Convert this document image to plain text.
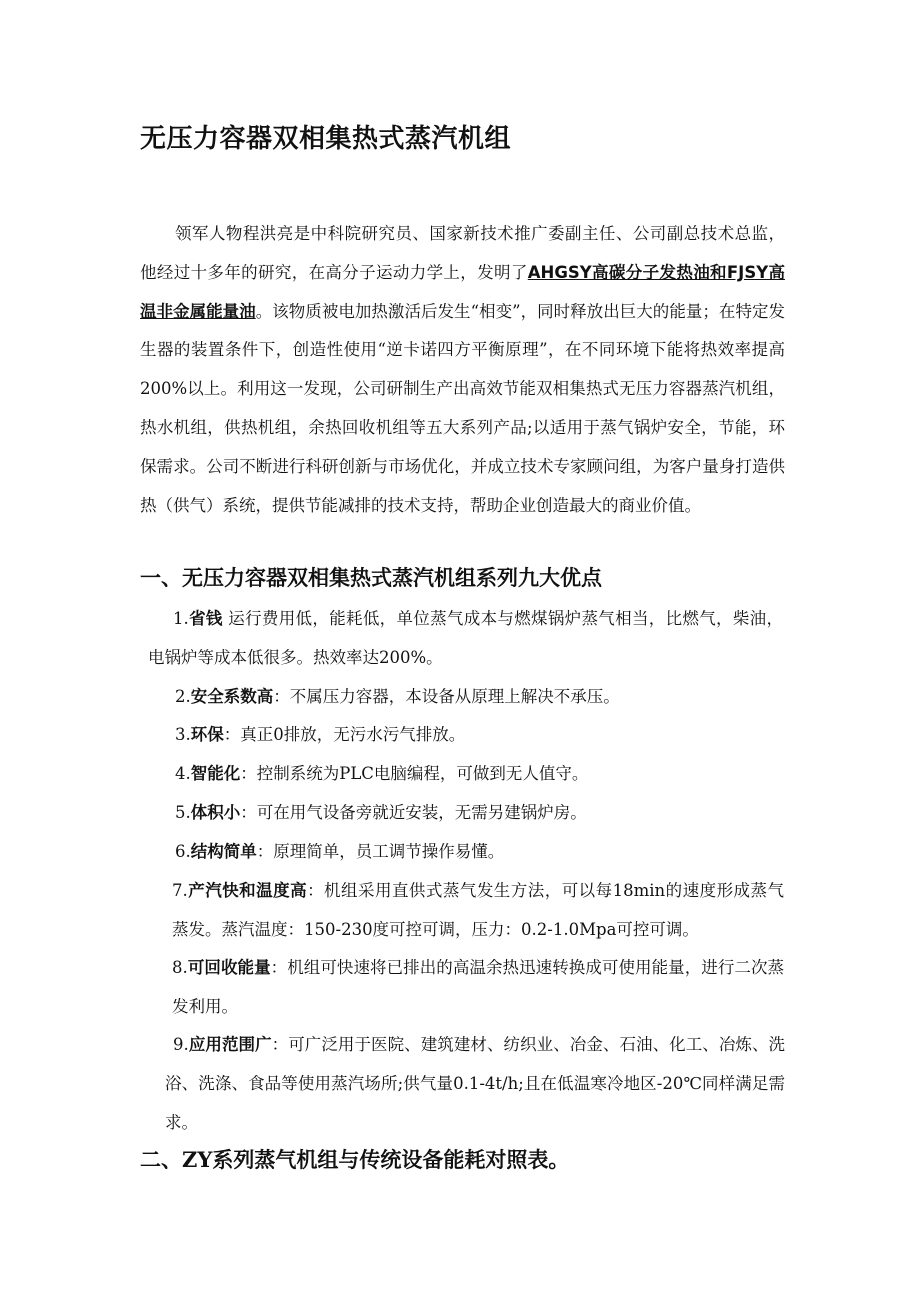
无压力容器双相集热式蒸汽机组

领军人物程洪亮是中科院研究员、国家新技术推广委副主任、公司副总技术总监，他经过十多年的研究，在高分子运动力学上，发明了AHGSY高碳分子发热油和FJSY高温非金属能量油。该物质被电加热激活后发生“相变”，同时释放出巨大的能量；在特定发生器的装置条件下，创造性使用“逆卡诺四方平衡原理”，在不同环境下能将热效率提高200%以上。利用这一发现，公司研制生产出高效节能双相集热式无压力容器蒸汽机组，热水机组，供热机组，余热回收机组等五大系列产品;以适用于蒸气锅炉安全，节能，环保需求。公司不断进行科研创新与市场优化，并成立技术专家顾问组，为客户量身打造供热（供气）系统，提供节能减排的技术支持，帮助企业创造最大的商业价值。

一、无压力容器双相集热式蒸汽机组系列九大优点

1.省钱 运行费用低，能耗低，单位蒸气成本与燃煤锅炉蒸气相当，比燃气，柴油，电锅炉等成本低很多。热效率达200%。

2.安全系数高：不属压力容器，本设备从原理上解决不承压。

3.环保：真正0排放，无污水污气排放。

4.智能化：控制系统为PLC电脑编程，可做到无人值守。

5.体积小：可在用气设备旁就近安装，无需另建锅炉房。

6.结构简单：原理简单，员工调节操作易懂。

7.产汽快和温度高：机组采用直供式蒸气发生方法，可以每18min的速度形成蒸气蒸发。蒸汽温度：150-230度可控可调，压力：0.2-1.0Mpa可控可调。

8.可回收能量：机组可快速将已排出的高温余热迅速转换成可使用能量，进行二次蒸发利用。

9.应用范围广：可广泛用于医院、建筑建材、纺织业、冶金、石油、化工、冶炼、洗浴、洗涤、食品等使用蒸汽场所;供气量0.1-4t/h;且在低温寒冷地区-20℃同样满足需求。

二、ZY系列蒸气机组与传统设备能耗对照表。
